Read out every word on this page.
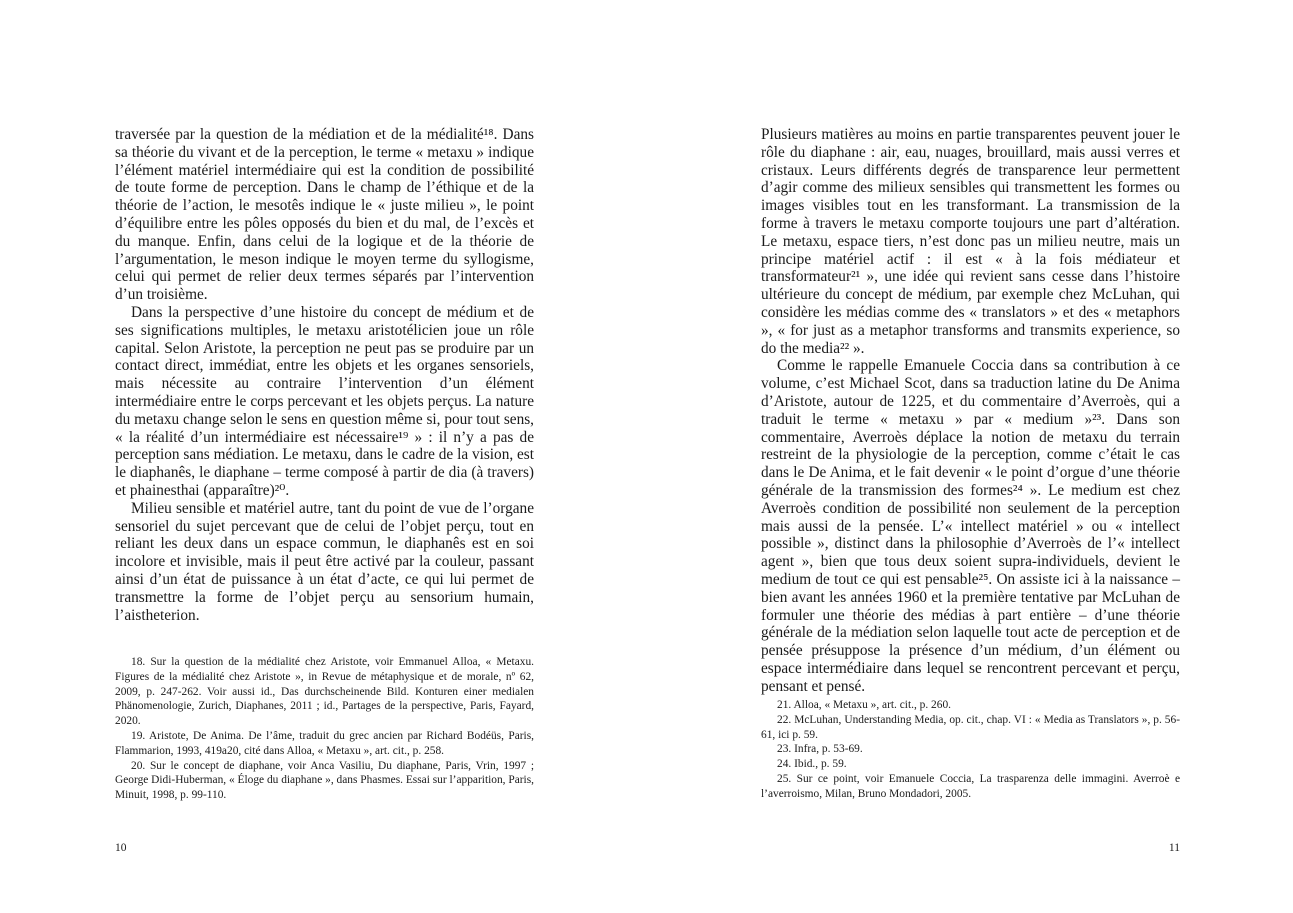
traversée par la question de la médiation et de la médialité¹⁸. Dans sa théorie du vivant et de la perception, le terme « metaxu » indique l’élément matériel intermédiaire qui est la condition de possibilité de toute forme de perception. Dans le champ de l’éthique et de la théorie de l’action, le mesotês indique le « juste milieu », le point d’équilibre entre les pôles opposés du bien et du mal, de l’excès et du manque. Enfin, dans celui de la logique et de la théorie de l’argumentation, le meson indique le moyen terme du syllogisme, celui qui permet de relier deux termes séparés par l’intervention d’un troisième.

Dans la perspective d’une histoire du concept de médium et de ses significations multiples, le metaxu aristotélicien joue un rôle capital. Selon Aristote, la perception ne peut pas se produire par un contact direct, immédiat, entre les objets et les organes sensoriels, mais nécessite au contraire l’intervention d’un élément intermédiaire entre le corps percevant et les objets perçus. La nature du metaxu change selon le sens en question même si, pour tout sens, « la réalité d’un intermédiaire est nécessaire¹⁹ » : il n’y a pas de perception sans médiation. Le metaxu, dans le cadre de la vision, est le diaphanês, le diaphane – terme composé à partir de dia (à travers) et phainesthai (apparaître)²⁰.

Milieu sensible et matériel autre, tant du point de vue de l’organe sensoriel du sujet percevant que de celui de l’objet perçu, tout en reliant les deux dans un espace commun, le diaphanês est en soi incolore et invisible, mais il peut être activé par la couleur, passant ainsi d’un état de puissance à un état d’acte, ce qui lui permet de transmettre la forme de l’objet perçu au sensorium humain, l’aistheterion.

18. Sur la question de la médialité chez Aristote, voir Emmanuel Alloa, « Metaxu. Figures de la médialité chez Aristote », in Revue de métaphysique et de morale, nº 62, 2009, p. 247-262. Voir aussi id., Das durchscheinende Bild. Konturen einer medialen Phänomenologie, Zurich, Diaphanes, 2011 ; id., Partages de la perspective, Paris, Fayard, 2020.

19. Aristote, De Anima. De l’âme, traduit du grec ancien par Richard Bodéüs, Paris, Flammarion, 1993, 419a20, cité dans Alloa, « Metaxu », art. cit., p. 258.

20. Sur le concept de diaphane, voir Anca Vasiliu, Du diaphane, Paris, Vrin, 1997 ; George Didi-Huberman, « Éloge du diaphane », dans Phasmes. Essai sur l’apparition, Paris, Minuit, 1998, p. 99-110.

10

Plusieurs matières au moins en partie transparentes peuvent jouer le rôle du diaphane : air, eau, nuages, brouillard, mais aussi verres et cristaux. Leurs différents degrés de transparence leur permettent d’agir comme des milieux sensibles qui transmettent les formes ou images visibles tout en les transformant. La transmission de la forme à travers le metaxu comporte toujours une part d’altération. Le metaxu, espace tiers, n’est donc pas un milieu neutre, mais un principe matériel actif : il est « à la fois médiateur et transformateur²¹ », une idée qui revient sans cesse dans l’histoire ultérieure du concept de médium, par exemple chez McLuhan, qui considère les médias comme des « translators » et des « metaphors », « for just as a metaphor transforms and transmits experience, so do the media²² ».

Comme le rappelle Emanuele Coccia dans sa contribution à ce volume, c’est Michael Scot, dans sa traduction latine du De Anima d’Aristote, autour de 1225, et du commentaire d’Averroès, qui a traduit le terme « metaxu » par « medium »²³. Dans son commentaire, Averroès déplace la notion de metaxu du terrain restreint de la physiologie de la perception, comme c’était le cas dans le De Anima, et le fait devenir « le point d’orgue d’une théorie générale de la transmission des formes²⁴ ». Le medium est chez Averroès condition de possibilité non seulement de la perception mais aussi de la pensée. L’« intellect matériel » ou « intellect possible », distinct dans la philosophie d’Averroès de l’« intellect agent », bien que tous deux soient supra-individuels, devient le medium de tout ce qui est pensable²⁵. On assiste ici à la naissance – bien avant les années 1960 et la première tentative par McLuhan de formuler une théorie des médias à part entière – d’une théorie générale de la médiation selon laquelle tout acte de perception et de pensée présuppose la présence d’un médium, d’un élément ou espace intermédiaire dans lequel se rencontrent percevant et perçu, pensant et pensé.

21. Alloa, « Metaxu », art. cit., p. 260.

22. McLuhan, Understanding Media, op. cit., chap. VI : « Media as Translators », p. 56-61, ici p. 59.

23. Infra, p. 53-69.

24. Ibid., p. 59.

25. Sur ce point, voir Emanuele Coccia, La trasparenza delle immagini. Averroè e l’averroismo, Milan, Bruno Mondadori, 2005.

11
